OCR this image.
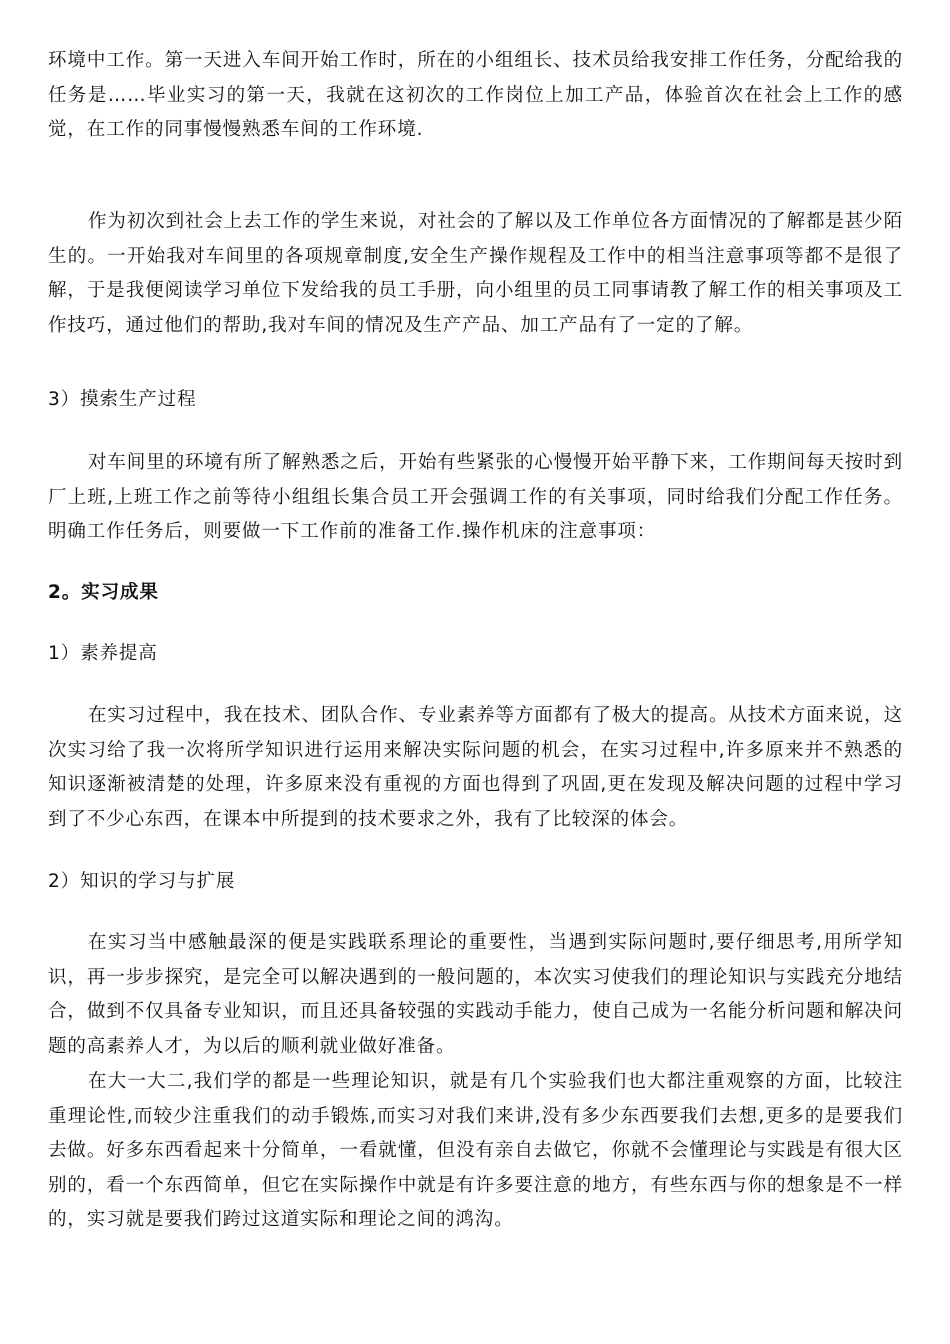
环境中工作。第一天进入车间开始工作时，所在的小组组长、技术员给我安排工作任务，分配给我的任务是……毕业实习的第一天，我就在这初次的工作岗位上加工产品，体验首次在社会上工作的感觉，在工作的同事慢慢熟悉车间的工作环境.

作为初次到社会上去工作的学生来说，对社会的了解以及工作单位各方面情况的了解都是甚少陌生的。一开始我对车间里的各项规章制度,安全生产操作规程及工作中的相当注意事项等都不是很了解，于是我便阅读学习单位下发给我的员工手册，向小组里的员工同事请教了解工作的相关事项及工作技巧，通过他们的帮助,我对车间的情况及生产产品、加工产品有了一定的了解。

3）摸索生产过程

对车间里的环境有所了解熟悉之后，开始有些紧张的心慢慢开始平静下来，工作期间每天按时到厂上班,上班工作之前等待小组组长集合员工开会强调工作的有关事项，同时给我们分配工作任务。明确工作任务后，则要做一下工作前的准备工作.操作机床的注意事项：

2。实习成果

1）素养提高

在实习过程中，我在技术、团队合作、专业素养等方面都有了极大的提高。从技术方面来说，这次实习给了我一次将所学知识进行运用来解决实际问题的机会，在实习过程中,许多原来并不熟悉的知识逐渐被清楚的处理，许多原来没有重视的方面也得到了巩固,更在发现及解决问题的过程中学习到了不少心东西，在课本中所提到的技术要求之外，我有了比较深的体会。

2）知识的学习与扩展

在实习当中感触最深的便是实践联系理论的重要性，当遇到实际问题时,要仔细思考,用所学知识，再一步步探究，是完全可以解决遇到的一般问题的，本次实习使我们的理论知识与实践充分地结合，做到不仅具备专业知识，而且还具备较强的实践动手能力，使自己成为一名能分析问题和解决问题的高素养人才，为以后的顺利就业做好准备。

在大一大二,我们学的都是一些理论知识，就是有几个实验我们也大都注重观察的方面，比较注重理论性,而较少注重我们的动手锻炼,而实习对我们来讲,没有多少东西要我们去想,更多的是要我们去做。好多东西看起来十分简单，一看就懂，但没有亲自去做它，你就不会懂理论与实践是有很大区别的，看一个东西简单，但它在实际操作中就是有许多要注意的地方，有些东西与你的想象是不一样的，实习就是要我们跨过这道实际和理论之间的鸿沟。
